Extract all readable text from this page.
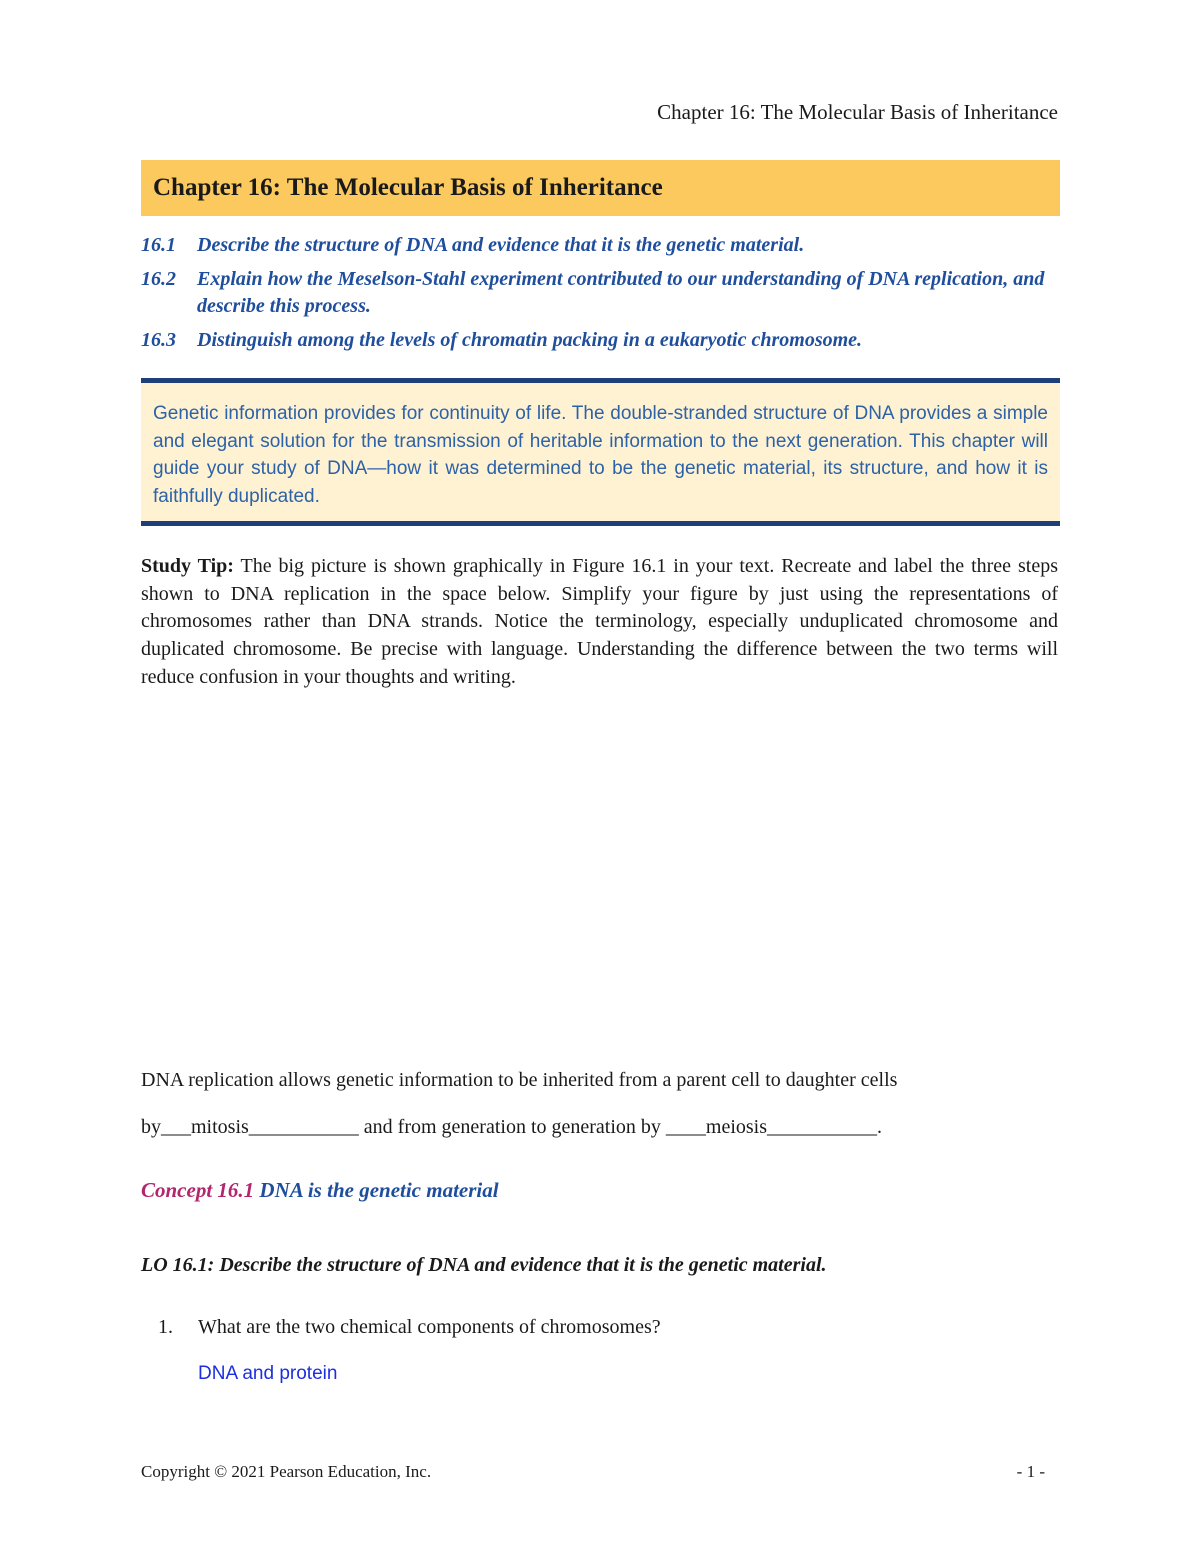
Chapter 16: The Molecular Basis of Inheritance
Chapter 16: The Molecular Basis of Inheritance
16.1	Describe the structure of DNA and evidence that it is the genetic material.
16.2	Explain how the Meselson-Stahl experiment contributed to our understanding of DNA replication, and describe this process.
16.3	Distinguish among the levels of chromatin packing in a eukaryotic chromosome.

Genetic information provides for continuity of life. The double-stranded structure of DNA provides a simple and elegant solution for the transmission of heritable information to the next generation. This chapter will guide your study of DNA—how it was determined to be the genetic material, its structure, and how it is faithfully duplicated.

Study Tip: The big picture is shown graphically in Figure 16.1 in your text. Recreate and label the three steps shown to DNA replication in the space below. Simplify your figure by just using the representations of chromosomes rather than DNA strands. Notice the terminology, especially unduplicated chromosome and duplicated chromosome. Be precise with language. Understanding the difference between the two terms will reduce confusion in your thoughts and writing.

DNA replication allows genetic information to be inherited from a parent cell to daughter cells

by___mitosis___________ and from generation to generation by ____meiosis___________.

Concept 16.1 DNA is the genetic material

LO 16.1: Describe the structure of DNA and evidence that it is the genetic material.

1.	What are the two chemical components of chromosomes?

DNA and protein

Copyright © 2021 Pearson Education, Inc.	- 1 -
